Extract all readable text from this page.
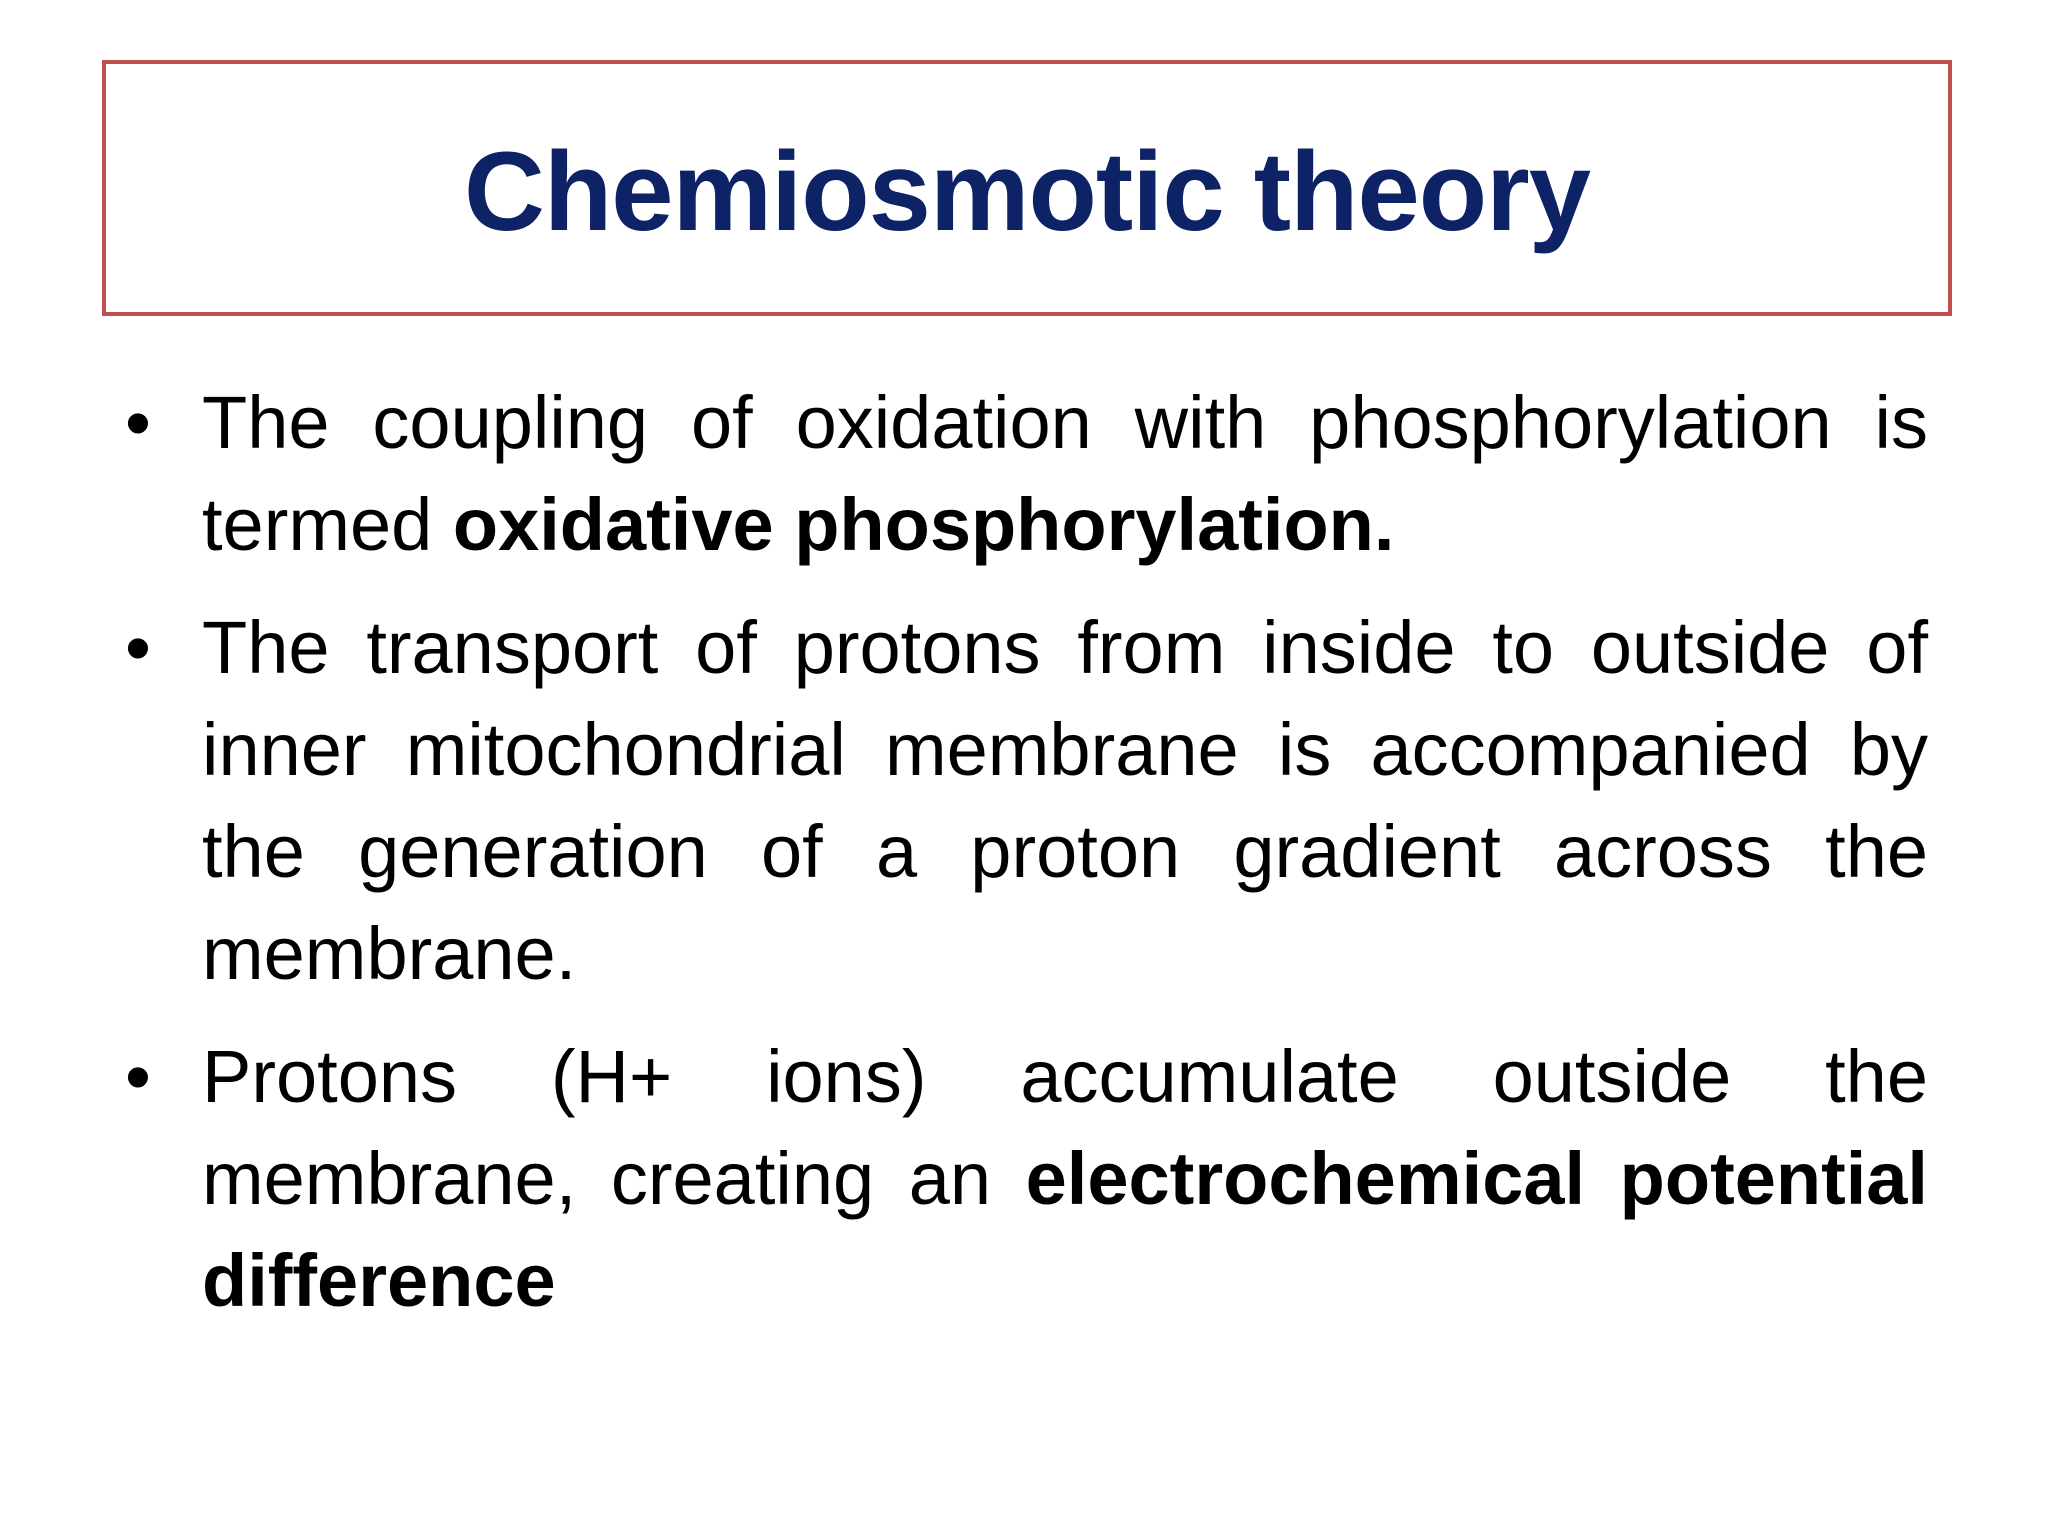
Chemiosmotic theory
• The coupling of oxidation with phosphorylation is termed oxidative phosphorylation.
• The transport of protons from inside to outside of inner mitochondrial membrane is accompanied by the generation of a proton gradient across the membrane.
• Protons (H+ ions) accumulate outside the membrane, creating an electrochemical potential difference
